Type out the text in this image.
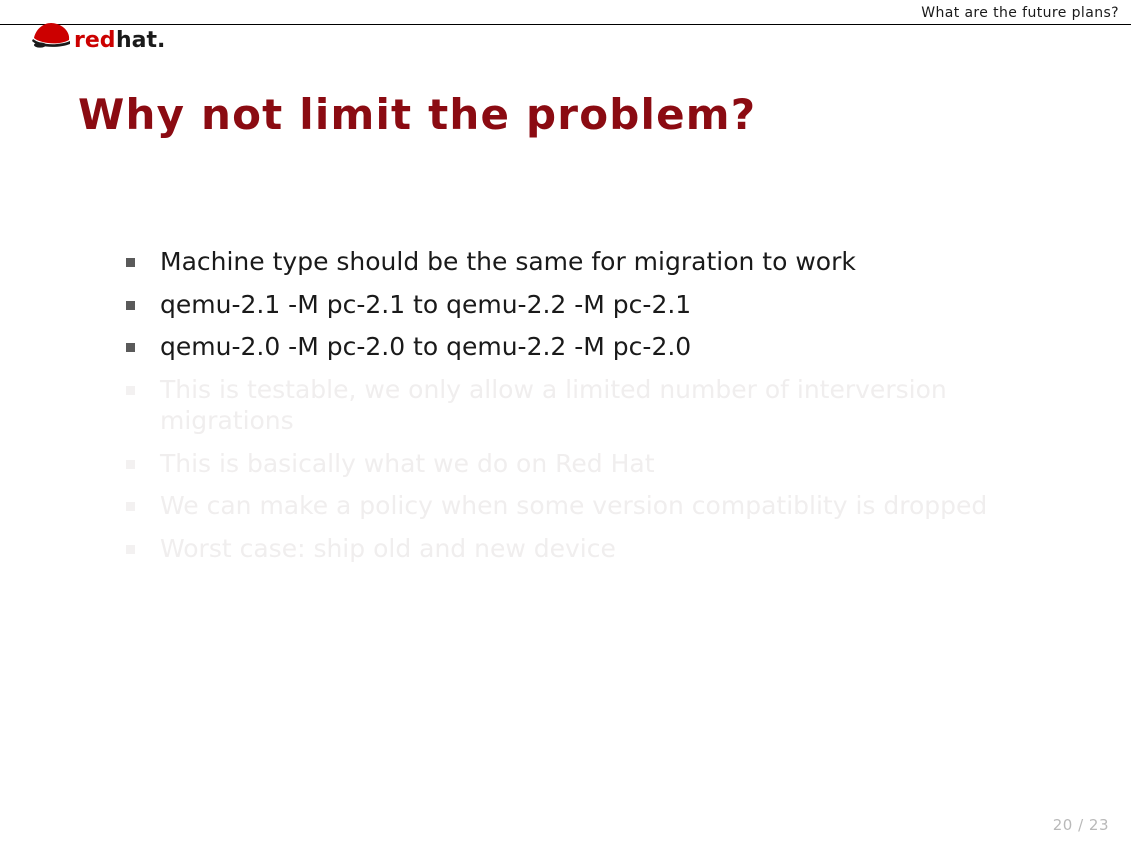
What are the future plans?
red hat.
Why not limit the problem?
Machine type should be the same for migration to work
qemu-2.1 -M pc-2.1 to qemu-2.2 -M pc-2.1
qemu-2.0 -M pc-2.0 to qemu-2.2 -M pc-2.0
This is testable, we only allow a limited number of interversion migrations
This is basically what we do on Red Hat
We can make a policy when some version compatiblity is dropped
Worst case: ship old and new device
20 / 23
